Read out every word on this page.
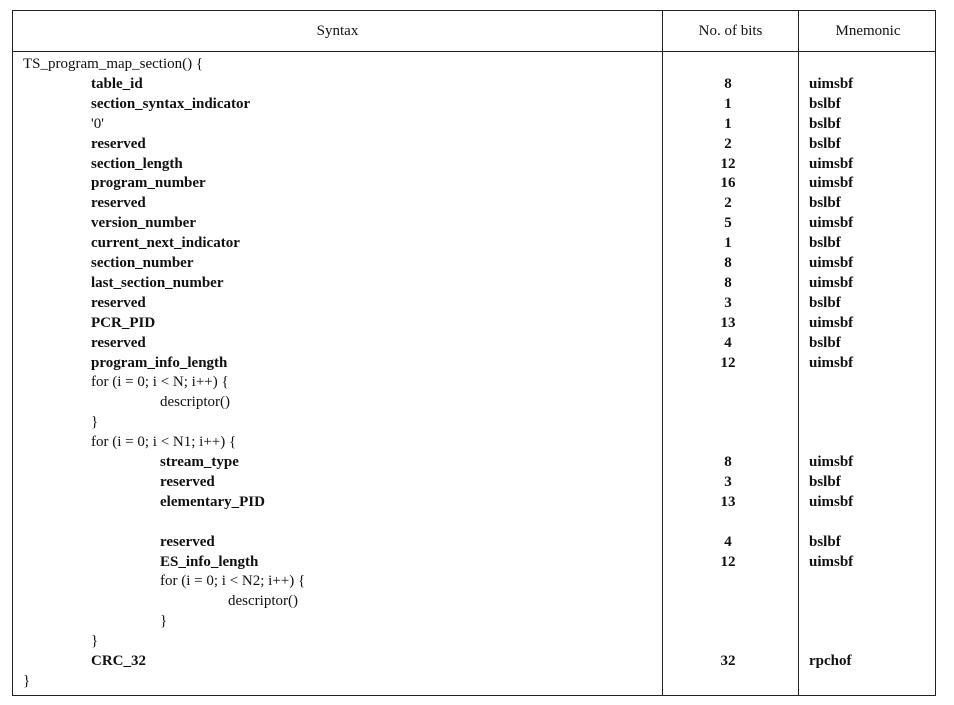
Syntax	No. of bits	Mnemonic
TS_program_map_section() {
table_id	8	uimsbf
section_syntax_indicator	1	bslbf
'0'	1	bslbf
reserved	2	bslbf
section_length	12	uimsbf
program_number	16	uimsbf
reserved	2	bslbf
version_number	5	uimsbf
current_next_indicator	1	bslbf
section_number	8	uimsbf
last_section_number	8	uimsbf
reserved	3	bslbf
PCR_PID	13	uimsbf
reserved	4	bslbf
program_info_length	12	uimsbf
for (i = 0; i < N; i++) {
descriptor()
}
for (i = 0; i < N1; i++) {
stream_type	8	uimsbf
reserved	3	bslbf
elementary_PID	13	uimsbf
reserved	4	bslbf
ES_info_length	12	uimsbf
for (i = 0; i < N2; i++) {
descriptor()
}
}
CRC_32	32	rpchof
}
